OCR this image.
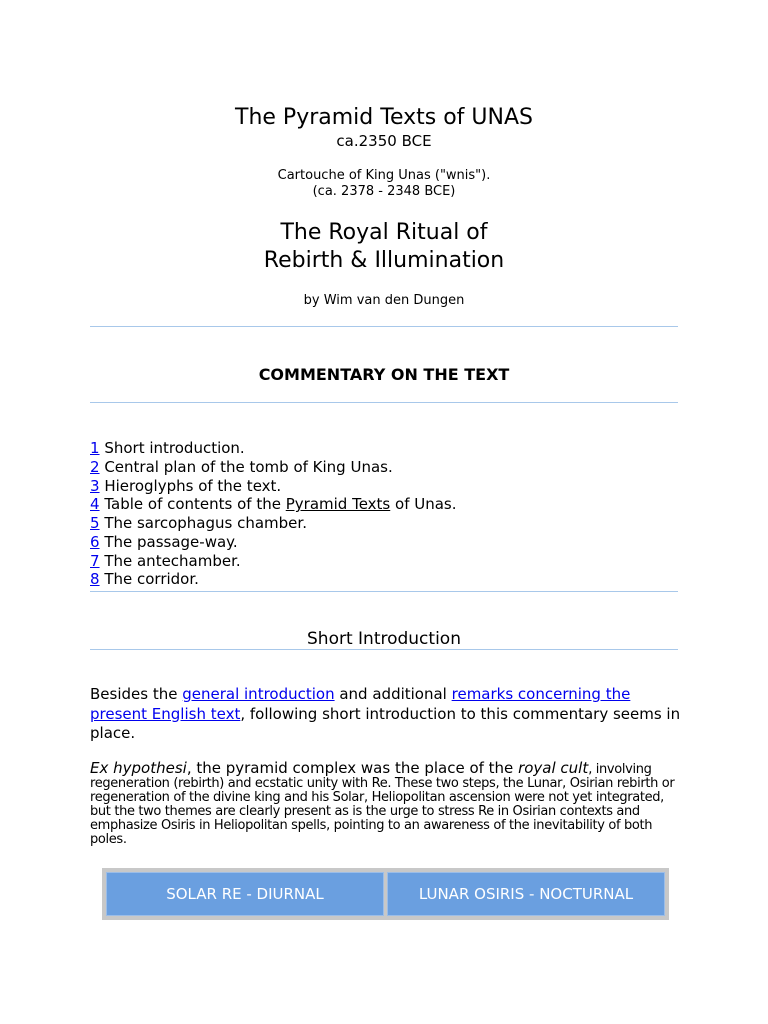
The Pyramid Texts of UNAS
ca.2350 BCE
Cartouche of King Unas ("wnis").
(ca. 2378 - 2348 BCE)
The Royal Ritual of
Rebirth & Illumination
by Wim van den Dungen
COMMENTARY ON THE TEXT
1 Short introduction.
2 Central plan of the tomb of King Unas.
3 Hieroglyphs of the text.
4 Table of contents of the Pyramid Texts of Unas.
5 The sarcophagus chamber.
6 The passage-way.
7 The antechamber.
8 The corridor.
Short Introduction
Besides the general introduction and additional remarks concerning the present English text, following short introduction to this commentary seems in place.
Ex hypothesi, the pyramid complex was the place of the royal cult, involving regeneration (rebirth) and ecstatic unity with Re. These two steps, the Lunar, Osirian rebirth or regeneration of the divine king and his Solar, Heliopolitan ascension were not yet integrated, but the two themes are clearly present as is the urge to stress Re in Osirian contexts and emphasize Osiris in Heliopolitan spells, pointing to an awareness of the inevitability of both poles.
SOLAR RE - DIURNAL	LUNAR OSIRIS - NOCTURNAL
